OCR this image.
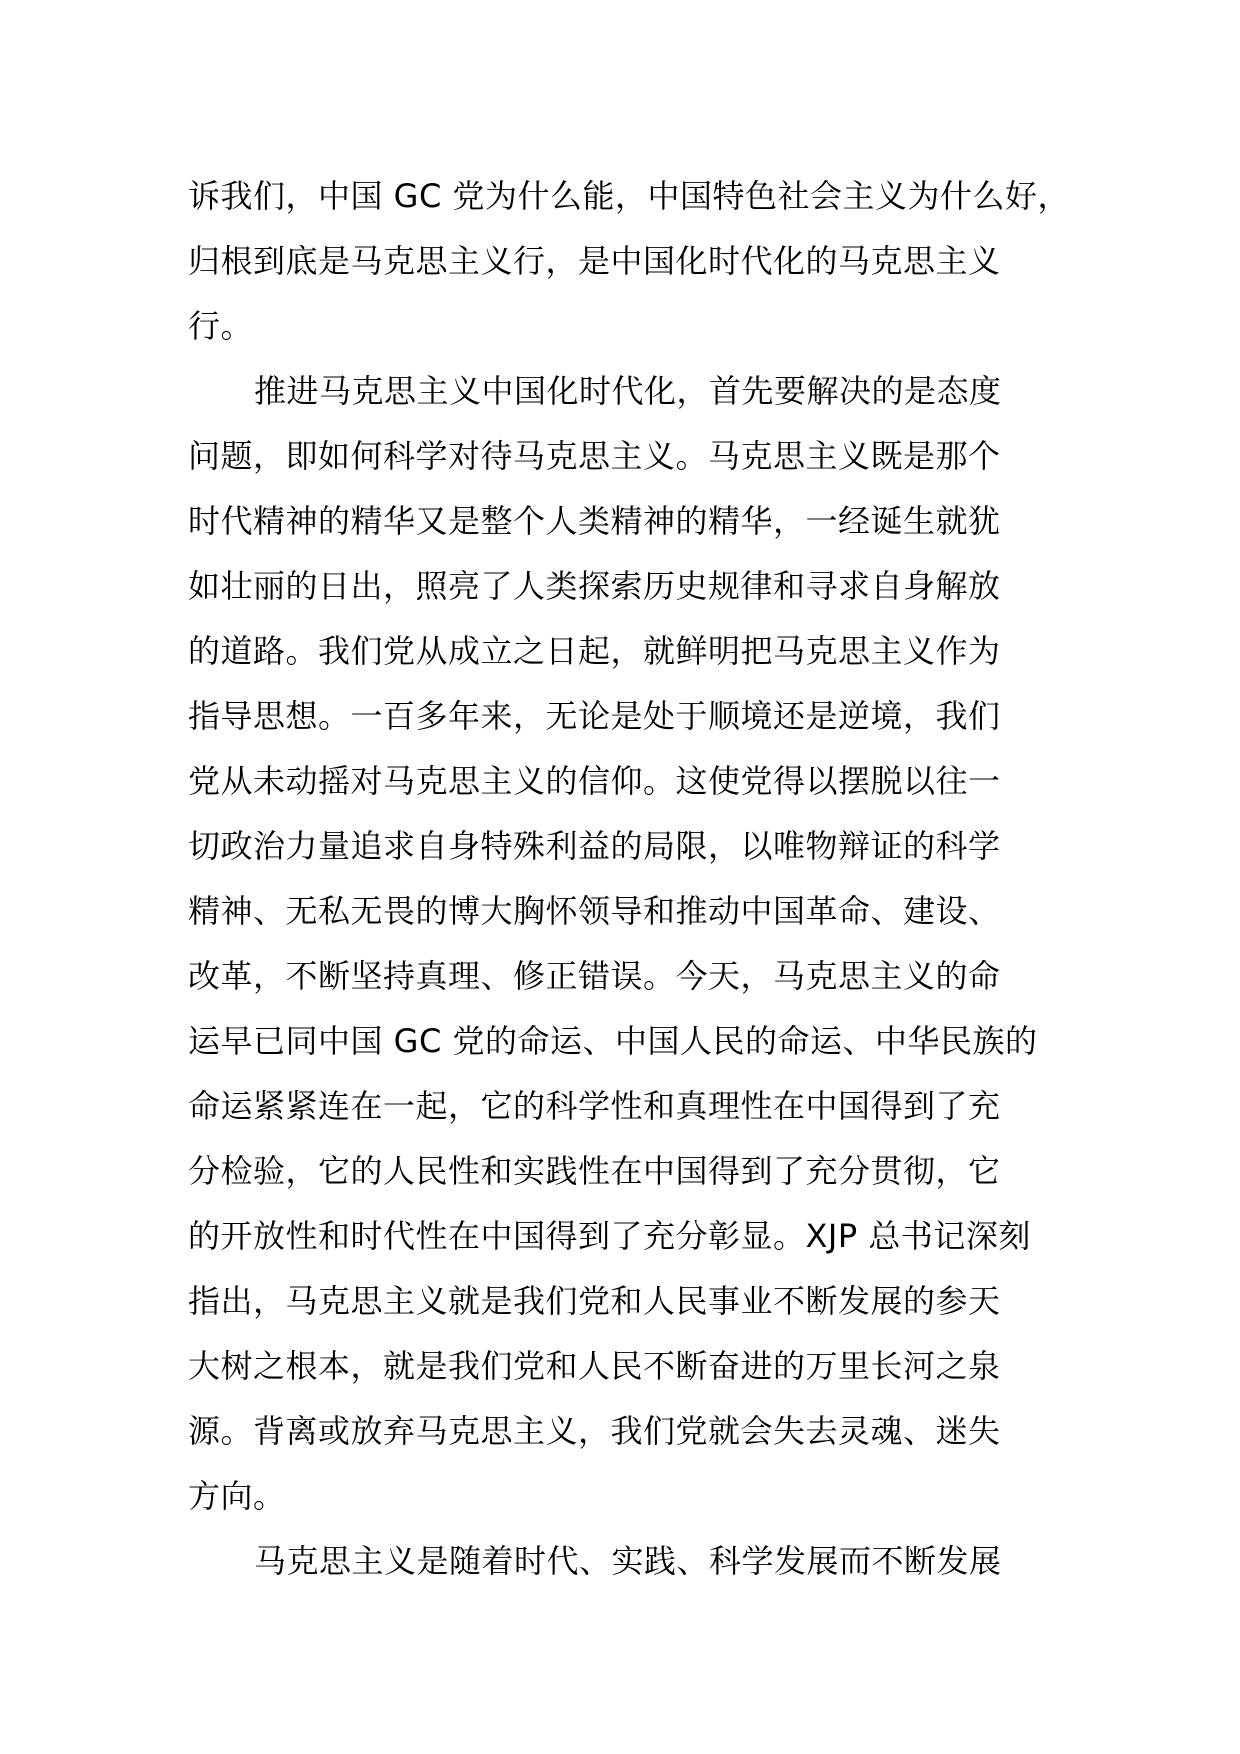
诉我们，中国 GC 党为什么能，中国特色社会主义为什么好，
归根到底是马克思主义行，是中国化时代化的马克思主义
行。
推进马克思主义中国化时代化，首先要解决的是态度
问题，即如何科学对待马克思主义。马克思主义既是那个
时代精神的精华又是整个人类精神的精华，一经诞生就犹
如壮丽的日出，照亮了人类探索历史规律和寻求自身解放
的道路。我们党从成立之日起，就鲜明把马克思主义作为
指导思想。一百多年来，无论是处于顺境还是逆境，我们
党从未动摇对马克思主义的信仰。这使党得以摆脱以往一
切政治力量追求自身特殊利益的局限，以唯物辩证的科学
精神、无私无畏的博大胸怀领导和推动中国革命、建设、
改革，不断坚持真理、修正错误。今天，马克思主义的命
运早已同中国 GC 党的命运、中国人民的命运、中华民族的
命运紧紧连在一起，它的科学性和真理性在中国得到了充
分检验，它的人民性和实践性在中国得到了充分贯彻，它
的开放性和时代性在中国得到了充分彰显。XJP 总书记深刻
指出，马克思主义就是我们党和人民事业不断发展的参天
大树之根本，就是我们党和人民不断奋进的万里长河之泉
源。背离或放弃马克思主义，我们党就会失去灵魂、迷失
方向。
马克思主义是随着时代、实践、科学发展而不断发展
